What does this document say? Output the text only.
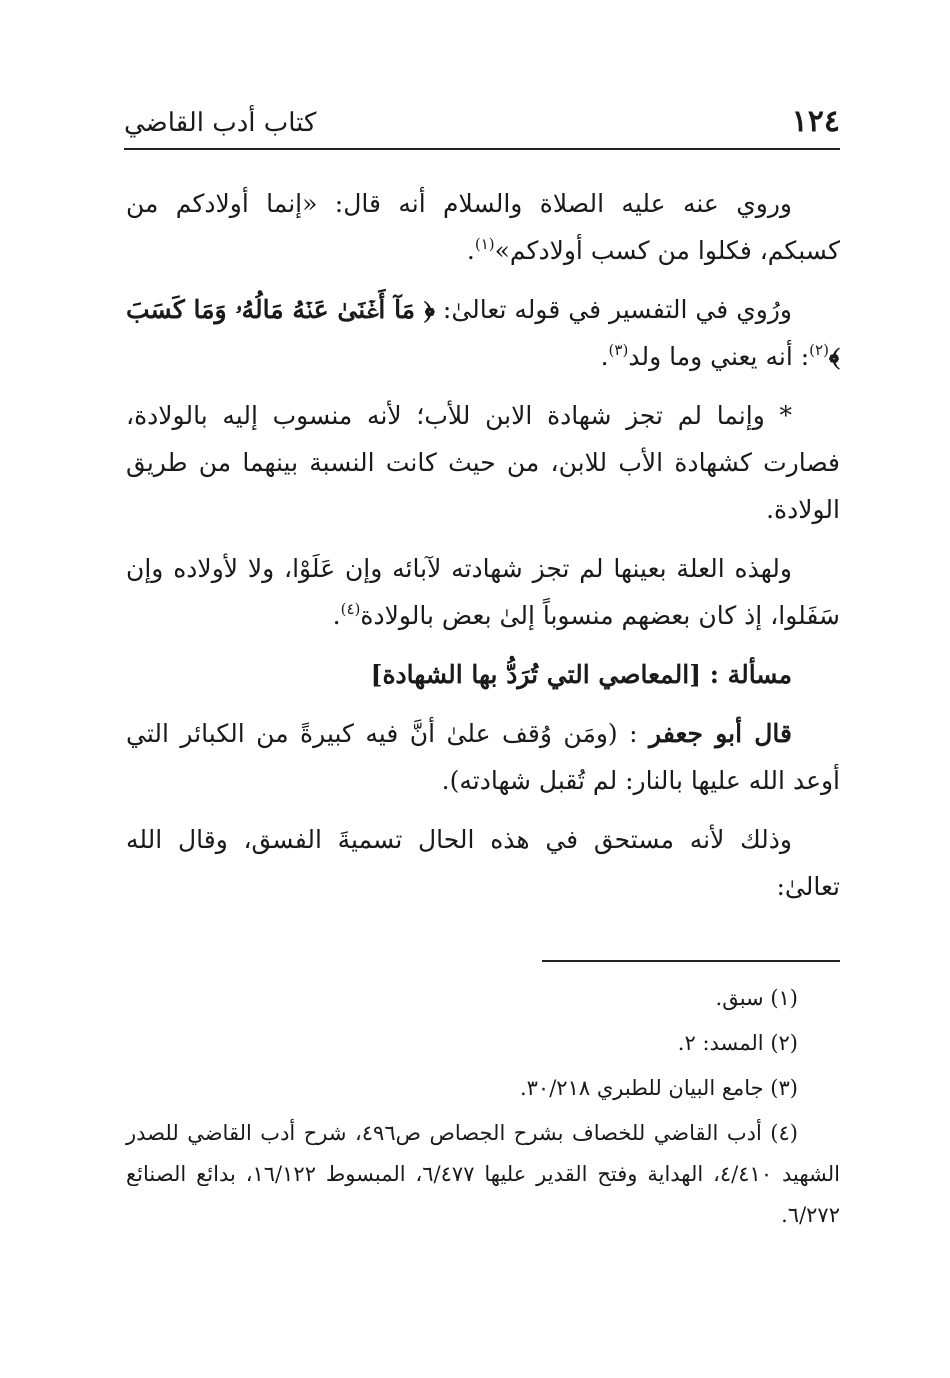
١٢٤
كتاب أدب القاضي

وروي عنه عليه الصلاة والسلام أنه قال: «إنما أولادكم من كسبكم، فكلوا من كسب أولادكم»$^{(١)}$.

ورُوي في التفسير في قوله تعالىٰ: ﴿ مَآ أَغۡنَىٰ عَنۡهُ مَالُهُۥ وَمَا كَسَبَ ﴾$^{(٢)}$: أنه يعني وما ولد$^{(٣)}$.

* وإنما لم تجز شهادة الابن للأب؛ لأنه منسوب إليه بالولادة، فصارت كشهادة الأب للابن، من حيث كانت النسبة بينهما من طريق الولادة.

ولهذه العلة بعينها لم تجز شهادته لآبائه وإن عَلَوْا، ولا لأولاده وإن سَفَلوا، إذ كان بعضهم منسوباً إلىٰ بعض بالولادة$^{(٤)}$.

مسألة : [المعاصي التي تُرَدُّ بها الشهادة]

قال أبو جعفر : (ومَن وُقف علىٰ أنَّ فيه كبيرةً من الكبائر التي أوعد الله عليها بالنار: لم تُقبل شهادته).

وذلك لأنه مستحق في هذه الحال تسميةَ الفسق، وقال الله تعالىٰ:

(١) سبق.

(٢) المسد: ٢.

(٣) جامع البيان للطبري ٣٠/٢١٨.

(٤) أدب القاضي للخصاف بشرح الجصاص ص٤٩٦، شرح أدب القاضي للصدر الشهيد ٤/٤١٠، الهداية وفتح القدير عليها ٦/٤٧٧، المبسوط ١٦/١٢٢، بدائع الصنائع ٦/٢٧٢.
